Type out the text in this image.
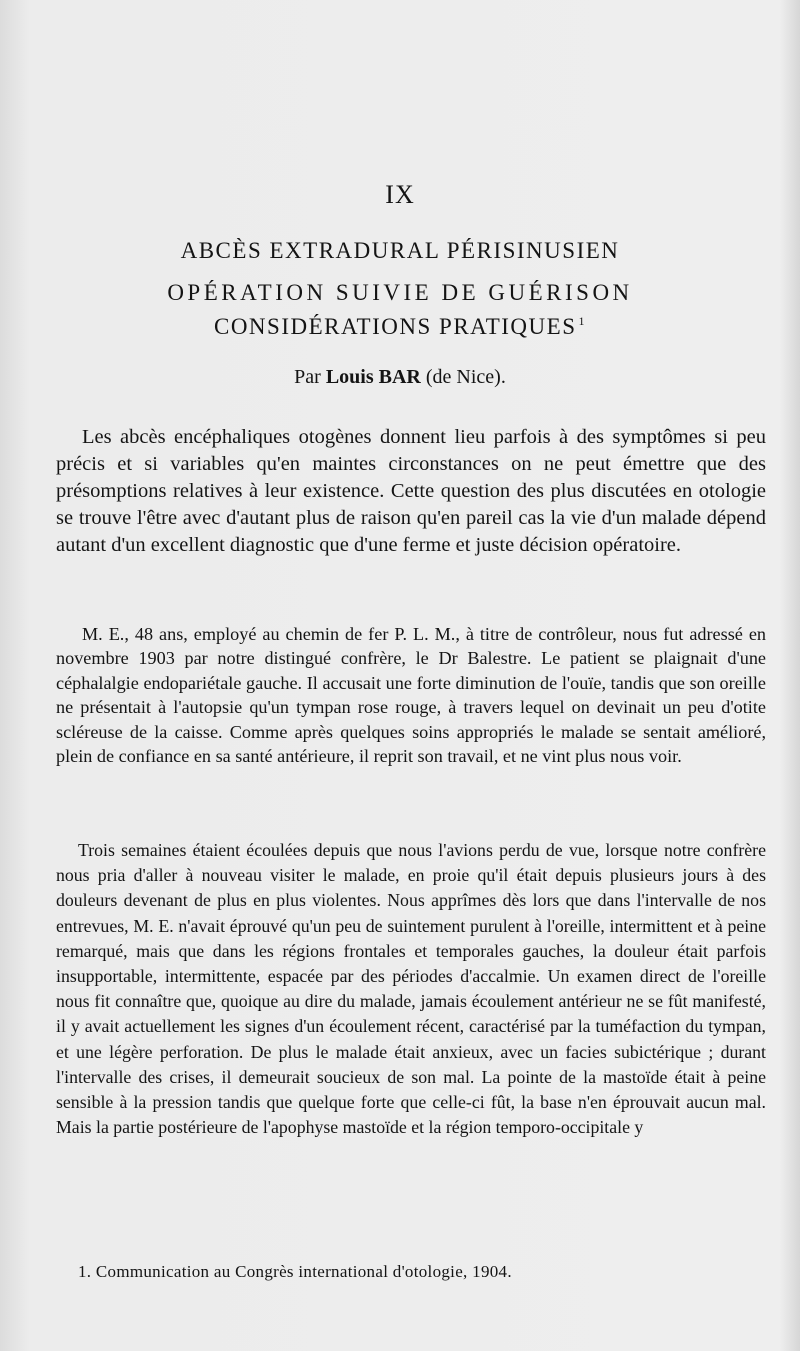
IX
ABCÈS EXTRADURAL PÉRISINUSIEN
OPÉRATION SUIVIE DE GUÉRISON
CONSIDÉRATIONS PRATIQUES $^1$
Par Louis BAR (de Nice).

Les abcès encéphaliques otogènes donnent lieu parfois à des symptômes si peu précis et si variables qu'en maintes circonstances on ne peut émettre que des présomptions relatives à leur existence. Cette question des plus discutées en otologie se trouve l'être avec d'autant plus de raison qu'en pareil cas la vie d'un malade dépend autant d'un excellent diagnostic que d'une ferme et juste décision opératoire.

M. E., 48 ans, employé au chemin de fer P. L. M., à titre de contrôleur, nous fut adressé en novembre 1903 par notre distingué confrère, le Dr Balestre. Le patient se plaignait d'une céphalalgie endopariétale gauche. Il accusait une forte diminution de l'ouïe, tandis que son oreille ne présentait à l'autopsie qu'un tympan rose rouge, à travers lequel on devinait un peu d'otite scléreuse de la caisse. Comme après quelques soins appropriés le malade se sentait amélioré, plein de confiance en sa santé antérieure, il reprit son travail, et ne vint plus nous voir.

Trois semaines étaient écoulées depuis que nous l'avions perdu de vue, lorsque notre confrère nous pria d'aller à nouveau visiter le malade, en proie qu'il était depuis plusieurs jours à des douleurs devenant de plus en plus violentes. Nous apprîmes dès lors que dans l'intervalle de nos entrevues, M. E. n'avait éprouvé qu'un peu de suintement purulent à l'oreille, intermittent et à peine remarqué, mais que dans les régions frontales et temporales gauches, la douleur était parfois insupportable, intermittente, espacée par des périodes d'accalmie. Un examen direct de l'oreille nous fit connaître que, quoique au dire du malade, jamais écoulement antérieur ne se fût manifesté, il y avait actuellement les signes d'un écoulement récent, caractérisé par la tuméfaction du tympan, et une légère perforation. De plus le malade était anxieux, avec un facies subictérique ; durant l'intervalle des crises, il demeurait soucieux de son mal. La pointe de la mastoïde était à peine sensible à la pression tandis que quelque forte que celle-ci fût, la base n'en éprouvait aucun mal. Mais la partie postérieure de l'apophyse mastoïde et la région temporo-occipitale y

1. Communication au Congrès international d'otologie, 1904.
